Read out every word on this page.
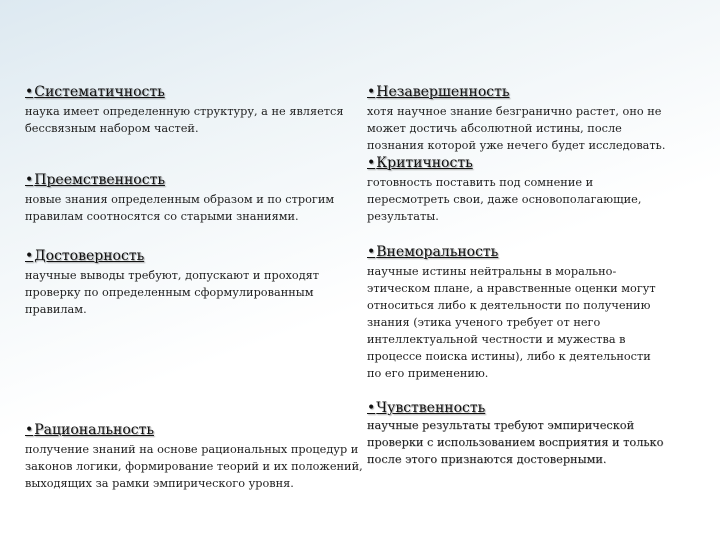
•Систематичность
наука имеет определенную структуру, а не является
бессвязным набором частей.
•Преемственность
новые знания определенным образом и по строгим
правилам соотносятся со старыми знаниями.
•Достоверность
научные выводы требуют, допускают и проходят
проверку по определенным сформулированным
правилам.
•Рациональность
получение знаний на основе рациональных процедур и
законов логики, формирование теорий и их положений,
выходящих за рамки эмпирического уровня.
•Незавершенность
хотя научное знание безгранично растет, оно не
может достичь абсолютной истины, после
познания которой уже нечего будет исследовать.
•Критичность
готовность поставить под сомнение и
пересмотреть свои, даже основополагающие,
результаты.
•Внеморальность
научные истины нейтральны в морально-
этическом плане, а нравственные оценки могут
относиться либо к деятельности по получению
знания (этика ученого требует от него
интеллектуальной честности и мужества в
процессе поиска истины), либо к деятельности
по его применению.
•Чувственность
научные результаты требуют эмпирической
проверки с использованием восприятия и только
после этого признаются достоверными.
